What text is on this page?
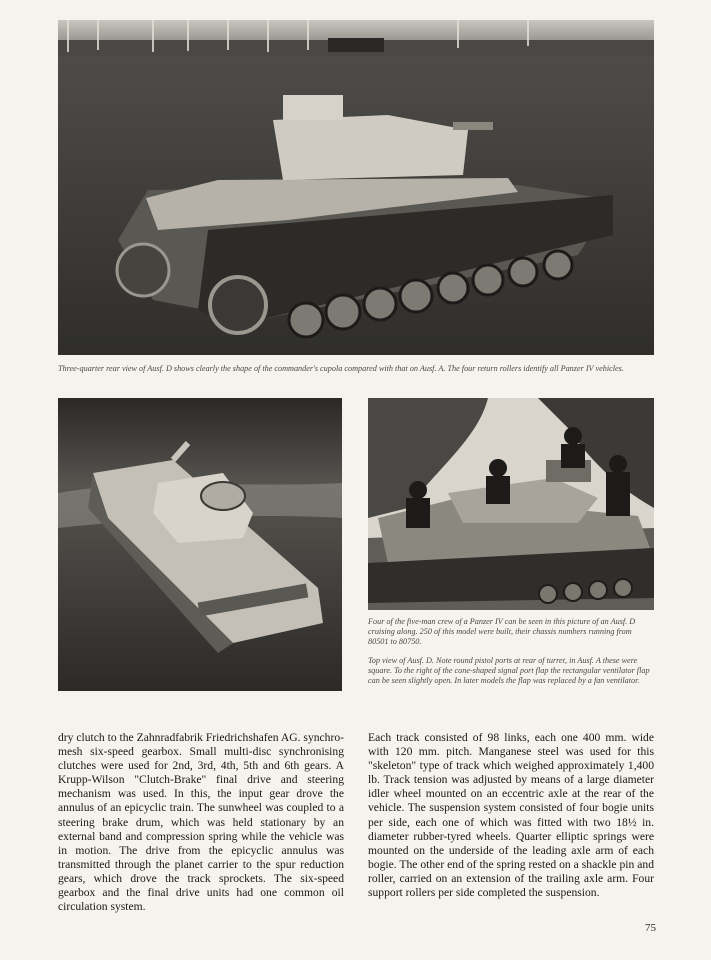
Three-quarter rear view of Ausf. D shows clearly the shape of the commander's cupola compared with that on Ausf. A. The four return rollers identify all Panzer IV vehicles.

Four of the five-man crew of a Panzer IV can be seen in this picture of an Ausf. D cruising along. 250 of this model were built, their chassis numbers running from 80501 to 80750.

Top view of Ausf. D. Note round pistol ports at rear of turret, in Ausf. A these were square. To the right of the cone-shaped signal port flap the rectangular ventilator flap can be seen slightly open. In later models the flap was replaced by a fan ventilator.

dry clutch to the Zahnradfabrik Friedrichshafen AG. synchro-mesh six-speed gearbox. Small multi-disc synchronising clutches were used for 2nd, 3rd, 4th, 5th and 6th gears. A Krupp-Wilson "Clutch-Brake" final drive and steering mechanism was used. In this, the input gear drove the annulus of an epicyclic train. The sunwheel was coupled to a steering brake drum, which was held stationary by an external band and compression spring while the vehicle was in motion. The drive from the epicyclic annulus was transmitted through the planet carrier to the spur reduction gears, which drove the track sprockets. The six-speed gearbox and the final drive units had one common oil circulation system.

Each track consisted of 98 links, each one 400 mm. wide with 120 mm. pitch. Manganese steel was used for this "skeleton" type of track which weighed approximately 1,400 lb. Track tension was adjusted by means of a large diameter idler wheel mounted on an eccentric axle at the rear of the vehicle. The suspension system consisted of four bogie units per side, each one of which was fitted with two 18½ in. diameter rubber-tyred wheels. Quarter elliptic springs were mounted on the underside of the leading axle arm of each bogie. The other end of the spring rested on a shackle pin and roller, carried on an extension of the trailing axle arm. Four support rollers per side completed the suspension.

75
